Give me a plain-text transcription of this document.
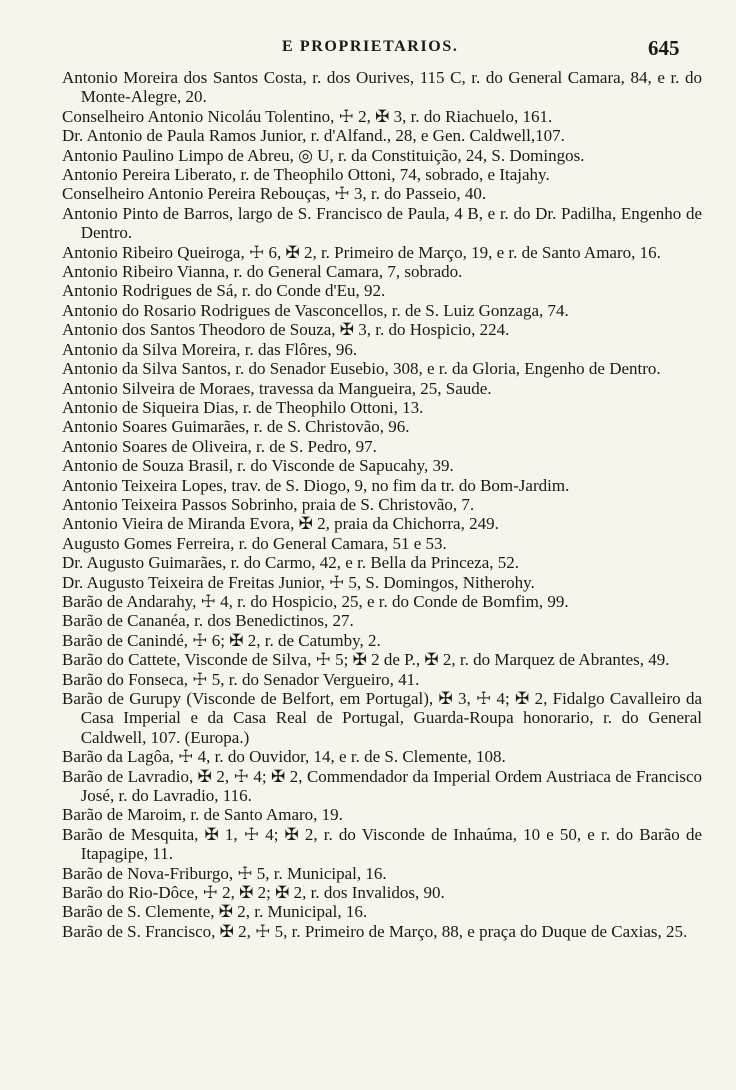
E PROPRIETARIOS.	645

Antonio Moreira dos Santos Costa, r. dos Ourives, 115 C, r. do General Camara, 84, e r. do Monte-Alegre, 20.

Conselheiro Antonio Nicoláu Tolentino, ☩ 2, ✠ 3, r. do Riachuelo, 161.

Dr. Antonio de Paula Ramos Junior, r. d'Alfand., 28, e Gen. Caldwell,107.

Antonio Paulino Limpo de Abreu, ◎ U, r. da Constituição, 24, S. Domingos.

Antonio Pereira Liberato, r. de Theophilo Ottoni, 74, sobrado, e Itajahy.

Conselheiro Antonio Pereira Rebouças, ☩ 3, r. do Passeio, 40.

Antonio Pinto de Barros, largo de S. Francisco de Paula, 4 B, e r. do Dr. Padilha, Engenho de Dentro.

Antonio Ribeiro Queiroga, ☩ 6, ✠ 2, r. Primeiro de Março, 19, e r. de Santo Amaro, 16.

Antonio Ribeiro Vianna, r. do General Camara, 7, sobrado.

Antonio Rodrigues de Sá, r. do Conde d'Eu, 92.

Antonio do Rosario Rodrigues de Vasconcellos, r. de S. Luiz Gonzaga, 74.

Antonio dos Santos Theodoro de Souza, ✠ 3, r. do Hospicio, 224.

Antonio da Silva Moreira, r. das Flôres, 96.

Antonio da Silva Santos, r. do Senador Eusebio, 308, e r. da Gloria, Engenho de Dentro.

Antonio Silveira de Moraes, travessa da Mangueira, 25, Saude.

Antonio de Siqueira Dias, r. de Theophilo Ottoni, 13.

Antonio Soares Guimarães, r. de S. Christovão, 96.

Antonio Soares de Oliveira, r. de S. Pedro, 97.

Antonio de Souza Brasil, r. do Visconde de Sapucahy, 39.

Antonio Teixeira Lopes, trav. de S. Diogo, 9, no fim da tr. do Bom-Jardim.

Antonio Teixeira Passos Sobrinho, praia de S. Christovão, 7.

Antonio Vieira de Miranda Evora, ✠ 2, praia da Chichorra, 249.

Augusto Gomes Ferreira, r. do General Camara, 51 e 53.

Dr. Augusto Guimarães, r. do Carmo, 42, e r. Bella da Princeza, 52.

Dr. Augusto Teixeira de Freitas Junior, ☩ 5, S. Domingos, Nitherohy.

Barão de Andarahy, ☩ 4, r. do Hospicio, 25, e r. do Conde de Bomfim, 99.

Barão de Cananéa, r. dos Benedictinos, 27.

Barão de Canindé, ☩ 6; ✠ 2, r. de Catumby, 2.

Barão do Cattete, Visconde de Silva, ☩ 5; ✠ 2 de P., ✠ 2, r. do Marquez de Abrantes, 49.

Barão do Fonseca, ☩ 5, r. do Senador Vergueiro, 41.

Barão de Gurupy (Visconde de Belfort, em Portugal), ✠ 3, ☩ 4; ✠ 2, Fidalgo Cavalleiro da Casa Imperial e da Casa Real de Portugal, Guarda-Roupa honorario, r. do General Caldwell, 107. (Europa.)

Barão da Lagôa, ☩ 4, r. do Ouvidor, 14, e r. de S. Clemente, 108.

Barão de Lavradio, ✠ 2, ☩ 4; ✠ 2, Commendador da Imperial Ordem Austriaca de Francisco José, r. do Lavradio, 116.

Barão de Maroim, r. de Santo Amaro, 19.

Barão de Mesquita, ✠ 1, ☩ 4; ✠ 2, r. do Visconde de Inhaúma, 10 e 50, e r. do Barão de Itapagipe, 11.

Barão de Nova-Friburgo, ☩ 5, r. Municipal, 16.

Barão do Rio-Dôce, ☩ 2, ✠ 2; ✠ 2, r. dos Invalidos, 90.

Barão de S. Clemente, ✠ 2, r. Municipal, 16.

Barão de S. Francisco, ✠ 2, ☩ 5, r. Primeiro de Março, 88, e praça do Duque de Caxias, 25.
